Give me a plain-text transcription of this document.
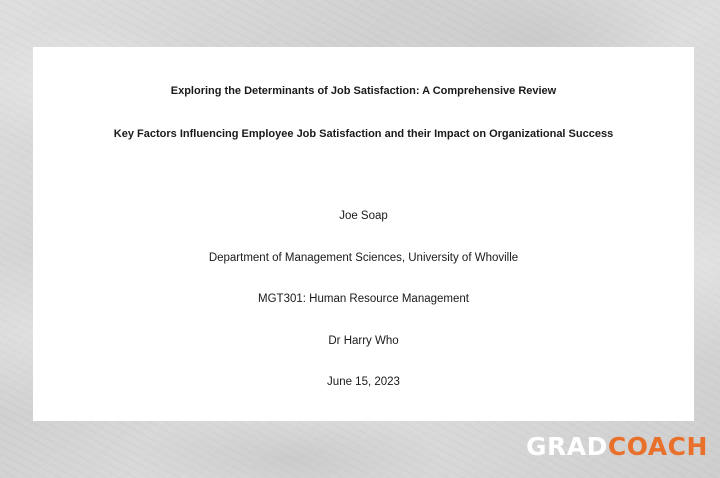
Exploring the Determinants of Job Satisfaction: A Comprehensive Review
Key Factors Influencing Employee Job Satisfaction and their Impact on Organizational Success
Joe Soap
Department of Management Sciences, University of Whoville
MGT301: Human Resource Management
Dr Harry Who
June 15, 2023
GRADCOACH
